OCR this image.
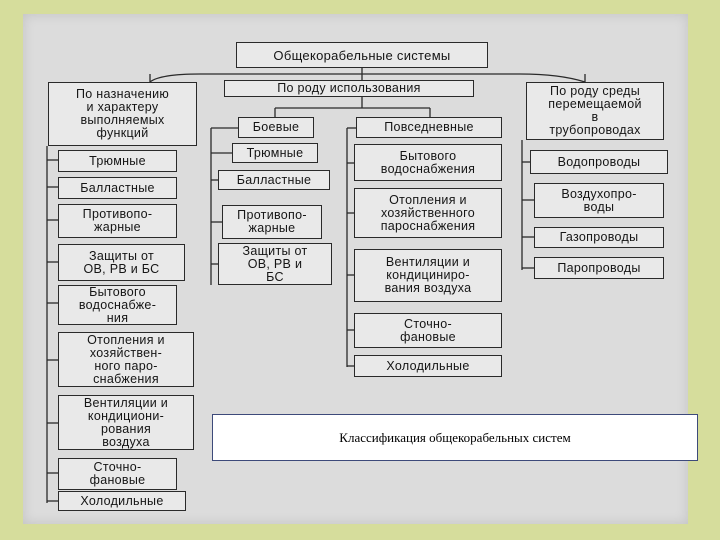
Общекорабельные системы
По назначению
и характеру
выполняемых
функций
Трюмные
Балластные
Противопо-
жарные
Защиты от
ОВ, РВ и БС
Бытового
водоснабже-
ния
Отопления и
хозяйствен-
ного паро-
снабжения
Вентиляции и
кондициони-
рования
воздуха
Сточно-
фановые
Холодильные
По роду использования
Боевые
Трюмные
Балластные
Противопо-
жарные
Защиты от
ОВ, РВ и
БС
Повседневные
Бытового
водоснабжения
Отопления и
хозяйственного
пароснабжения
Вентиляции и
кондициниро-
вания воздуха
Сточно-
фановые
Холодильные
По роду среды
перемещаемой
в
трубопроводах
Водопроводы
Воздухопро-
воды
Газопроводы
Паропроводы
Классификация общекорабельных систем
